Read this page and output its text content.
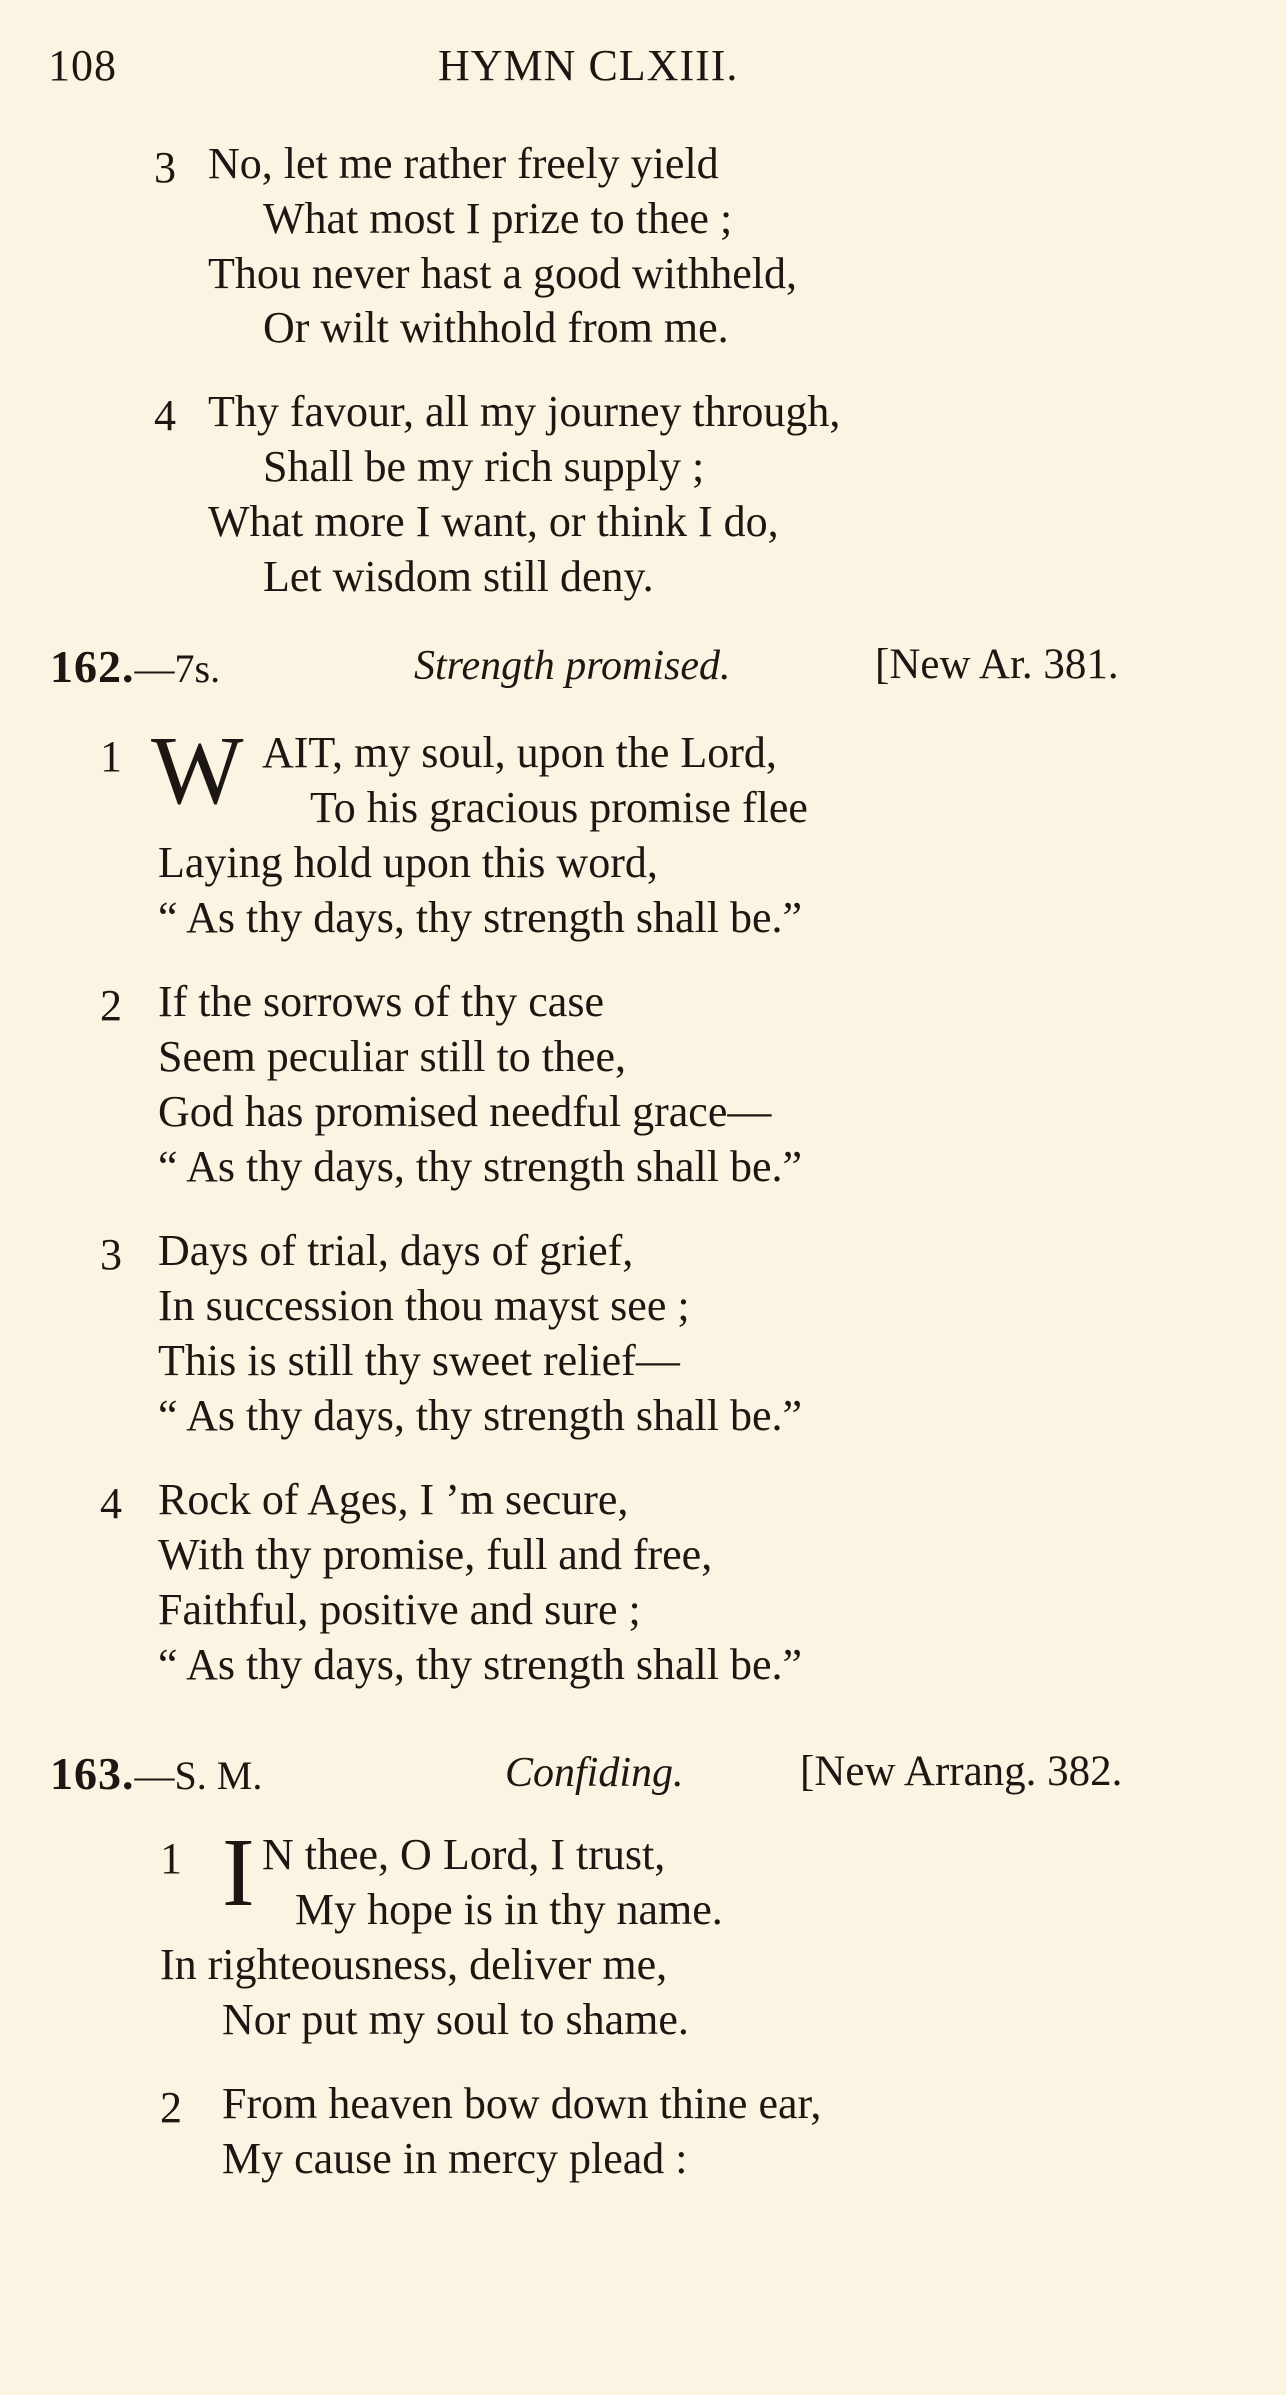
108	HYMN CLXIII.
3 No, let me rather freely yield
What most I prize to thee ;
Thou never hast a good withheld,
Or wilt withhold from me.
4 Thy favour, all my journey through,
Shall be my rich supply ;
What more I want, or think I do,
Let wisdom still deny.
162.—7s.	Strength promised.	[New Ar. 381.
1 W AIT, my soul, upon the Lord,
To his gracious promise flee
Laying hold upon this word,
“ As thy days, thy strength shall be.”
2 If the sorrows of thy case
Seem peculiar still to thee,
God has promised needful grace—
“ As thy days, thy strength shall be.”
3 Days of trial, days of grief,
In succession thou mayst see ;
This is still thy sweet relief—
“ As thy days, thy strength shall be.”
4 Rock of Ages, I ’m secure,
With thy promise, full and free,
Faithful, positive and sure ;
“ As thy days, thy strength shall be.”
163.—S. M.	Confiding.	[New Arrang. 382.
1 I N thee, O Lord, I trust,
My hope is in thy name.
In righteousness, deliver me,
Nor put my soul to shame.
2 From heaven bow down thine ear,
My cause in mercy plead :
